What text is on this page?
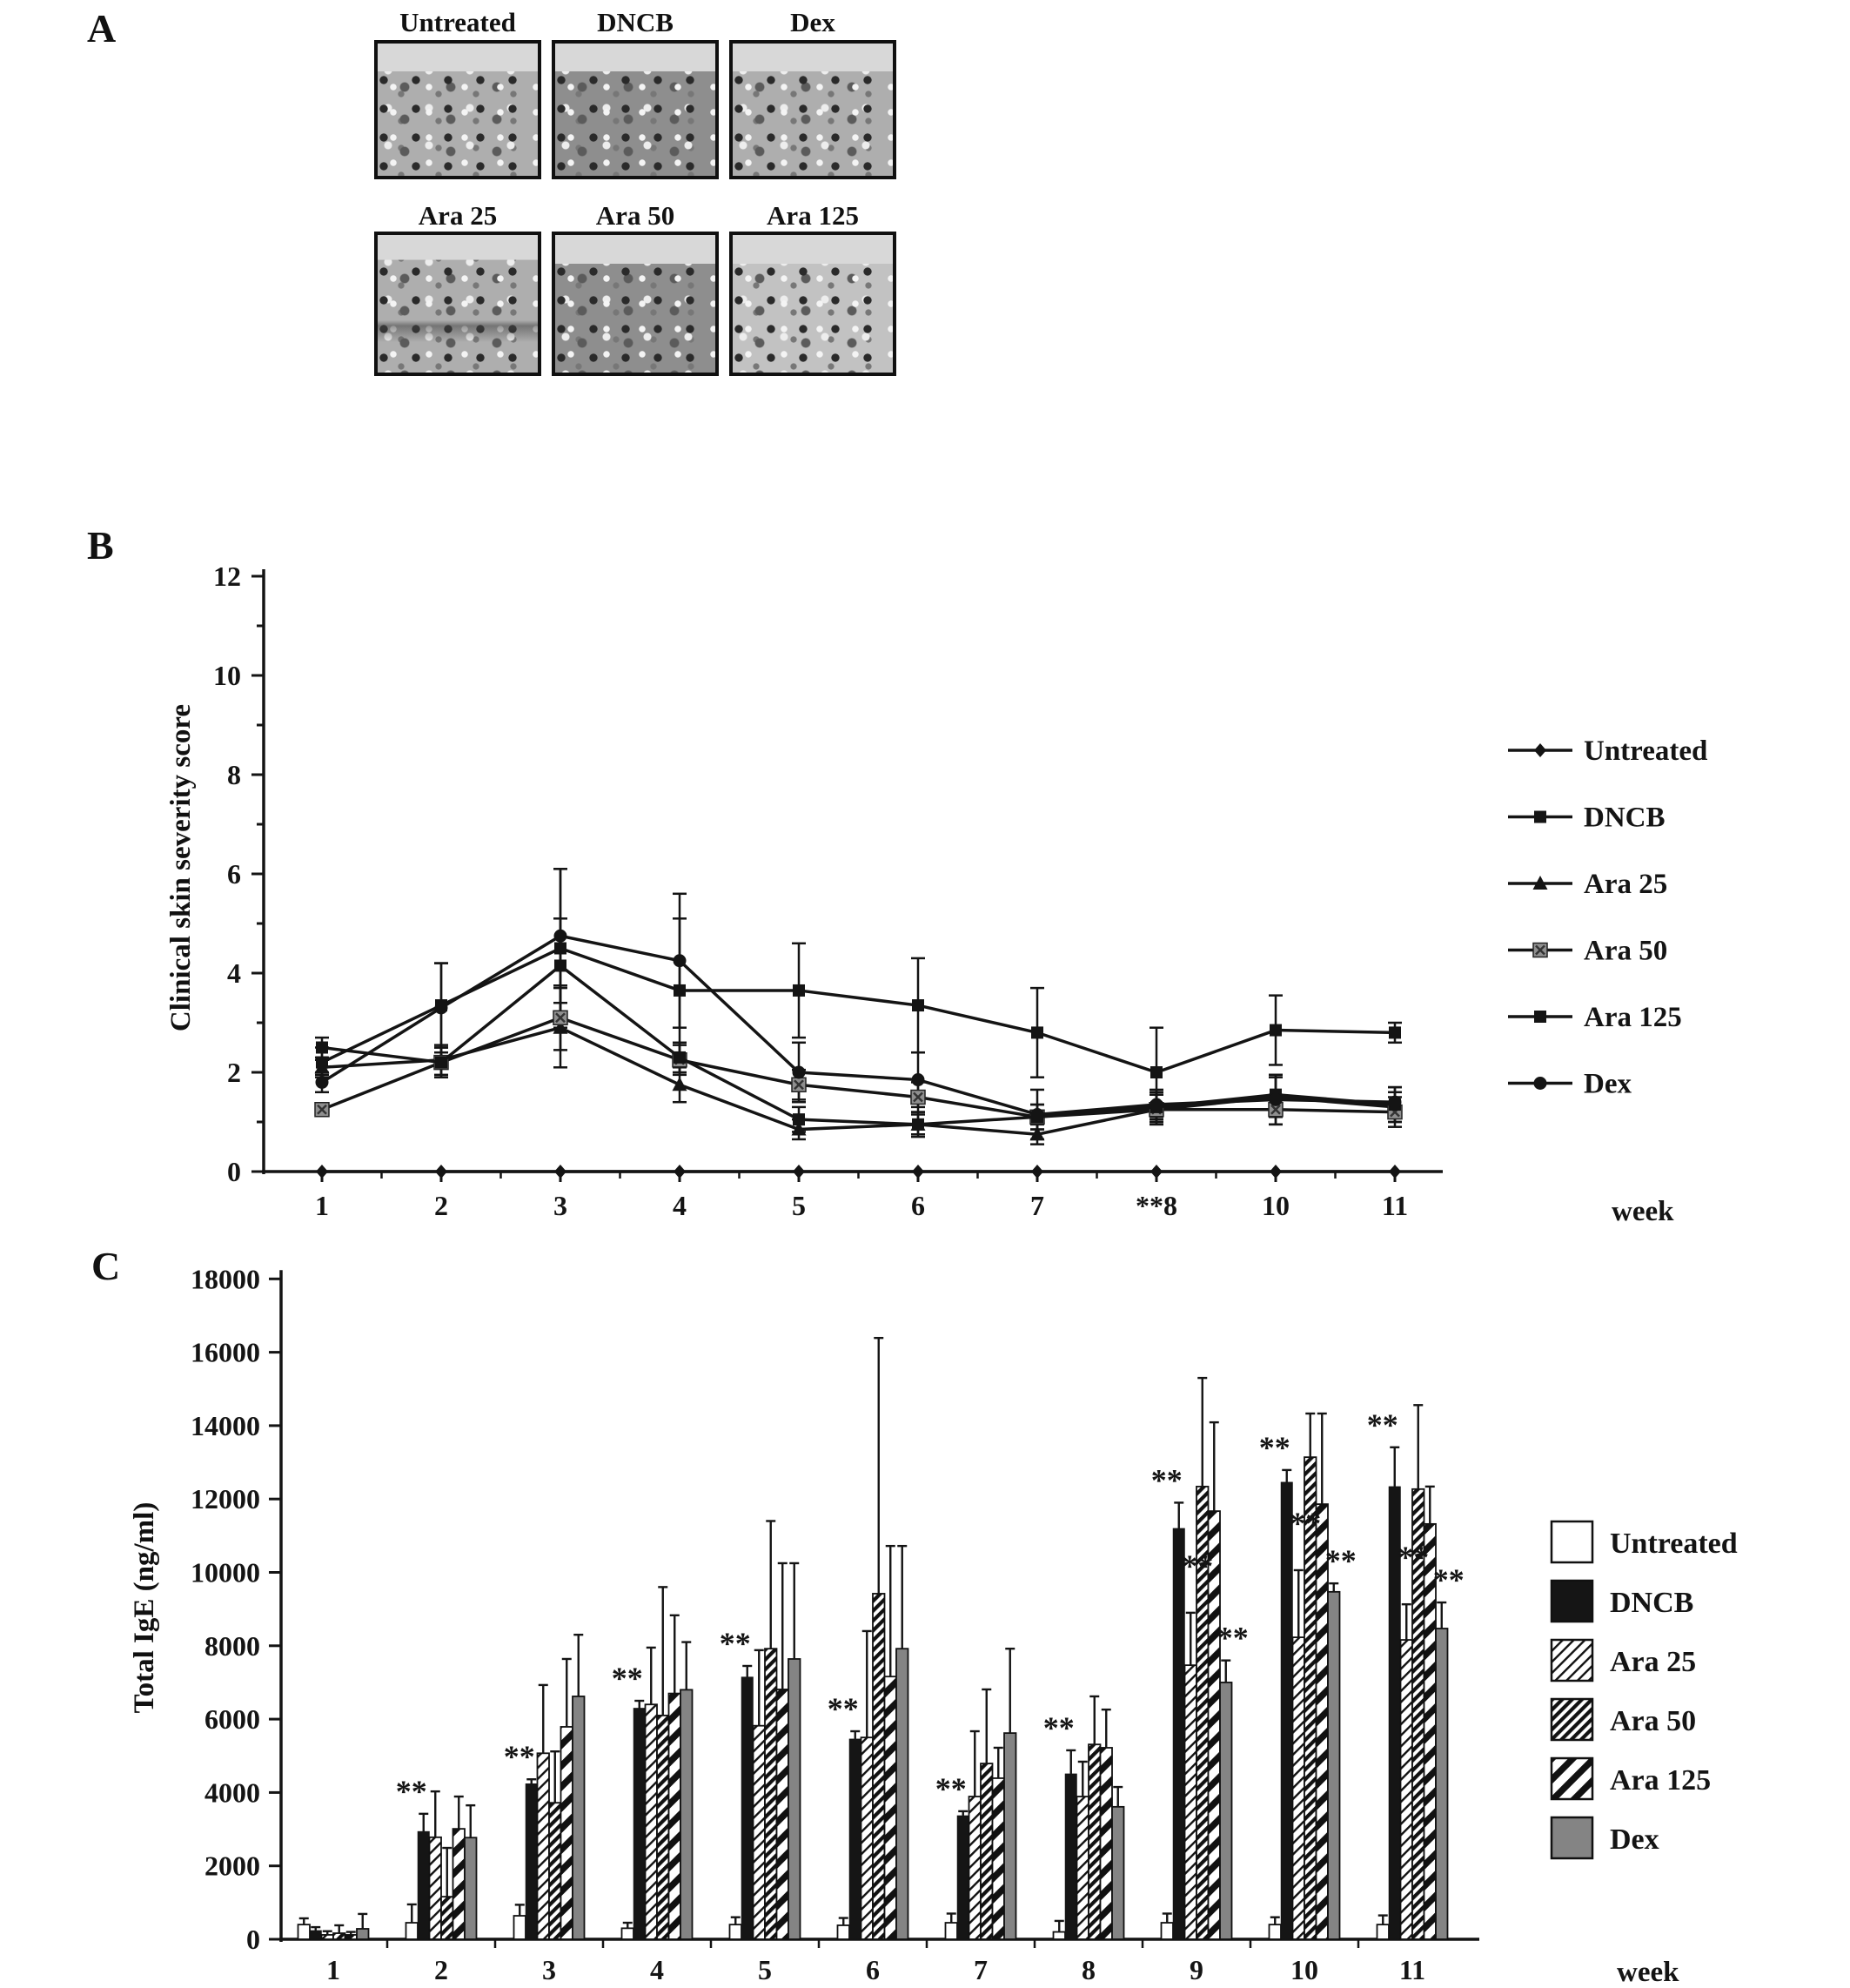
A	Untreated	DNCB	Dex
Ara 25	Ara 50	Ara 125
B
Clinical skin severity score
C
Total IgE (ng/ml)
0
2
4
6
8
10
12
1	2	3	4	5	6	7	**8	10	11	week
Untreated
DNCB
Ara 25
Ara 50
Ara 125
Dex
0
2000
4000
6000
8000
10000
12000
14000
16000
18000
1	2	3	4	5	6	7	8	9	10	11	week
**
**
**
**
**
**
**
**
**
**
**
**
**
**
**
**
Untreated
DNCB
Ara 25
Ara 50
Ara 125
Dex
